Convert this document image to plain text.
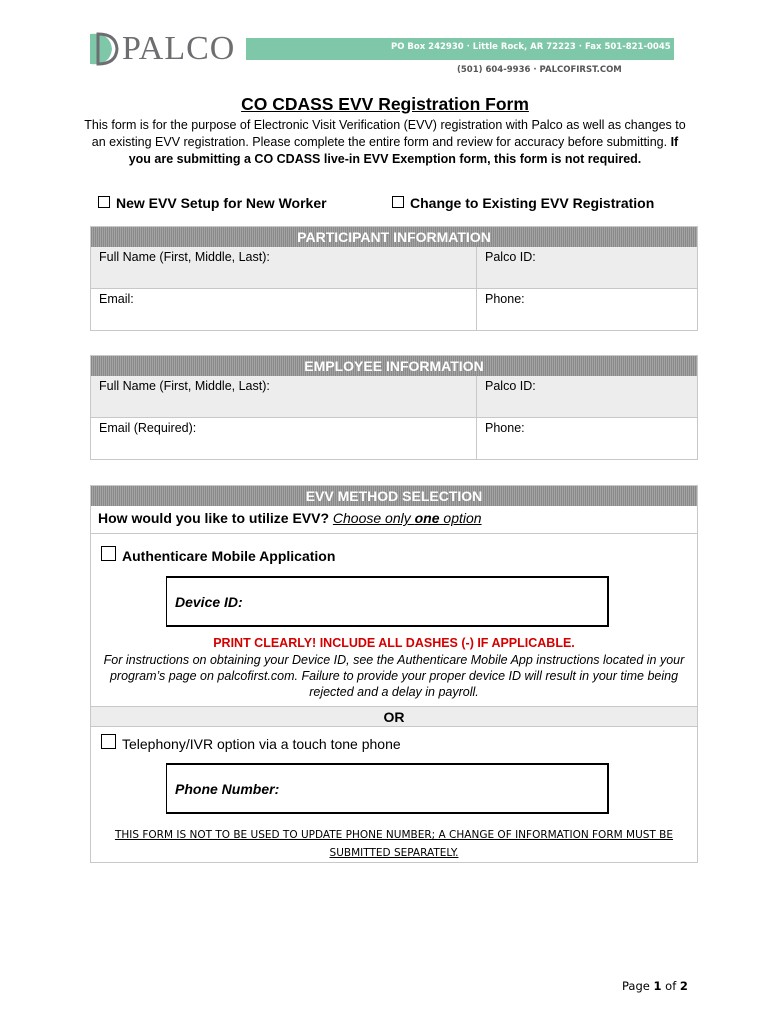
PALCO	PO Box 242930 · Little Rock, AR 72223 · Fax 501-821-0045
(501) 604-9936 · PALCOFIRST.COM
CO CDASS EVV Registration Form
This form is for the purpose of Electronic Visit Verification (EVV) registration with Palco as well as changes to an existing EVV registration. Please complete the entire form and review for accuracy before submitting. If you are submitting a CO CDASS live-in EVV Exemption form, this form is not required.
New EVV Setup for New Worker	Change to Existing EVV Registration
PARTICIPANT INFORMATION
Full Name (First, Middle, Last):	Palco ID:
Email:	Phone:
EMPLOYEE INFORMATION
Full Name (First, Middle, Last):	Palco ID:
Email (Required):	Phone:
EVV METHOD SELECTION
How would you like to utilize EVV? Choose only one option
Authenticare Mobile Application
Device ID:
PRINT CLEARLY! INCLUDE ALL DASHES (-) IF APPLICABLE.
For instructions on obtaining your Device ID, see the Authenticare Mobile App instructions located in your program’s page on palcofirst.com. Failure to provide your proper device ID will result in your time being rejected and a delay in payroll.
OR
Telephony/IVR option via a touch tone phone
Phone Number:
THIS FORM IS NOT TO BE USED TO UPDATE PHONE NUMBER; A CHANGE OF INFORMATION FORM MUST BE SUBMITTED SEPARATELY.
Page 1 of 2
